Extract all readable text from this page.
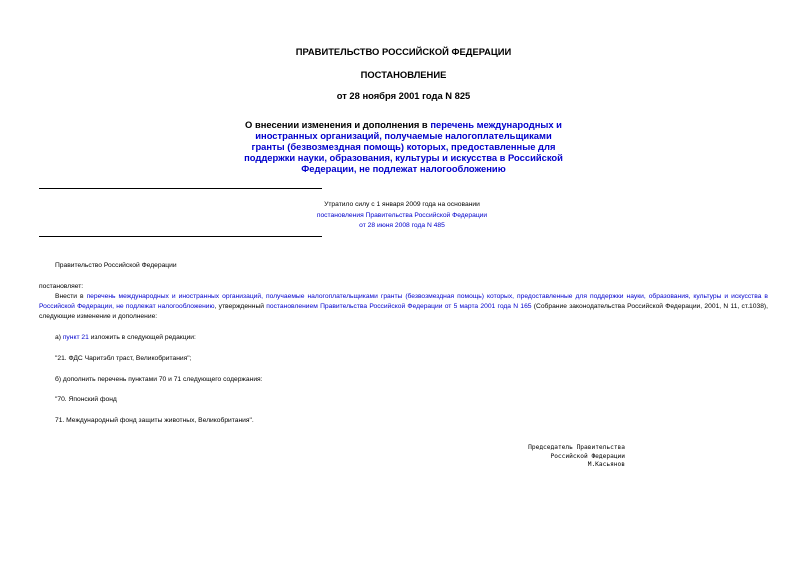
ПРАВИТЕЛЬСТВО РОССИЙСКОЙ ФЕДЕРАЦИИ
ПОСТАНОВЛЕНИЕ
от 28 ноября 2001 года N 825
О внесении изменения и дополнения в перечень международных и иностранных организаций, получаемые налогоплательщиками гранты (безвозмездная помощь) которых, предоставленные для поддержки науки, образования, культуры и искусства в Российской Федерации, не подлежат налогообложению
Утратило силу с 1 января 2009 года на основании
постановления Правительства Российской Федерации
от 28 июня 2008 года N 485
Правительство Российской Федерации
постановляет:
Внести в перечень международных и иностранных организаций, получаемые налогоплательщиками гранты (безвозмездная помощь) которых, предоставленные для поддержки науки, образования, культуры и искусства в Российской Федерации, не подлежат налогообложению, утвержденный постановлением Правительства Российской Федерации от 5 марта 2001 года N 165 (Собрание законодательства Российской Федерации, 2001, N 11, ст.1038), следующие изменение и дополнение:
а) пункт 21 изложить в следующей редакции:
"21. ФДС Чаритэбл траст, Великобритания";
б) дополнить перечень пунктами 70 и 71 следующего содержания:
"70. Японский фонд
71. Международный фонд защиты животных, Великобритания".
Председатель Правительства
Российской Федерации
М.Касьянов
